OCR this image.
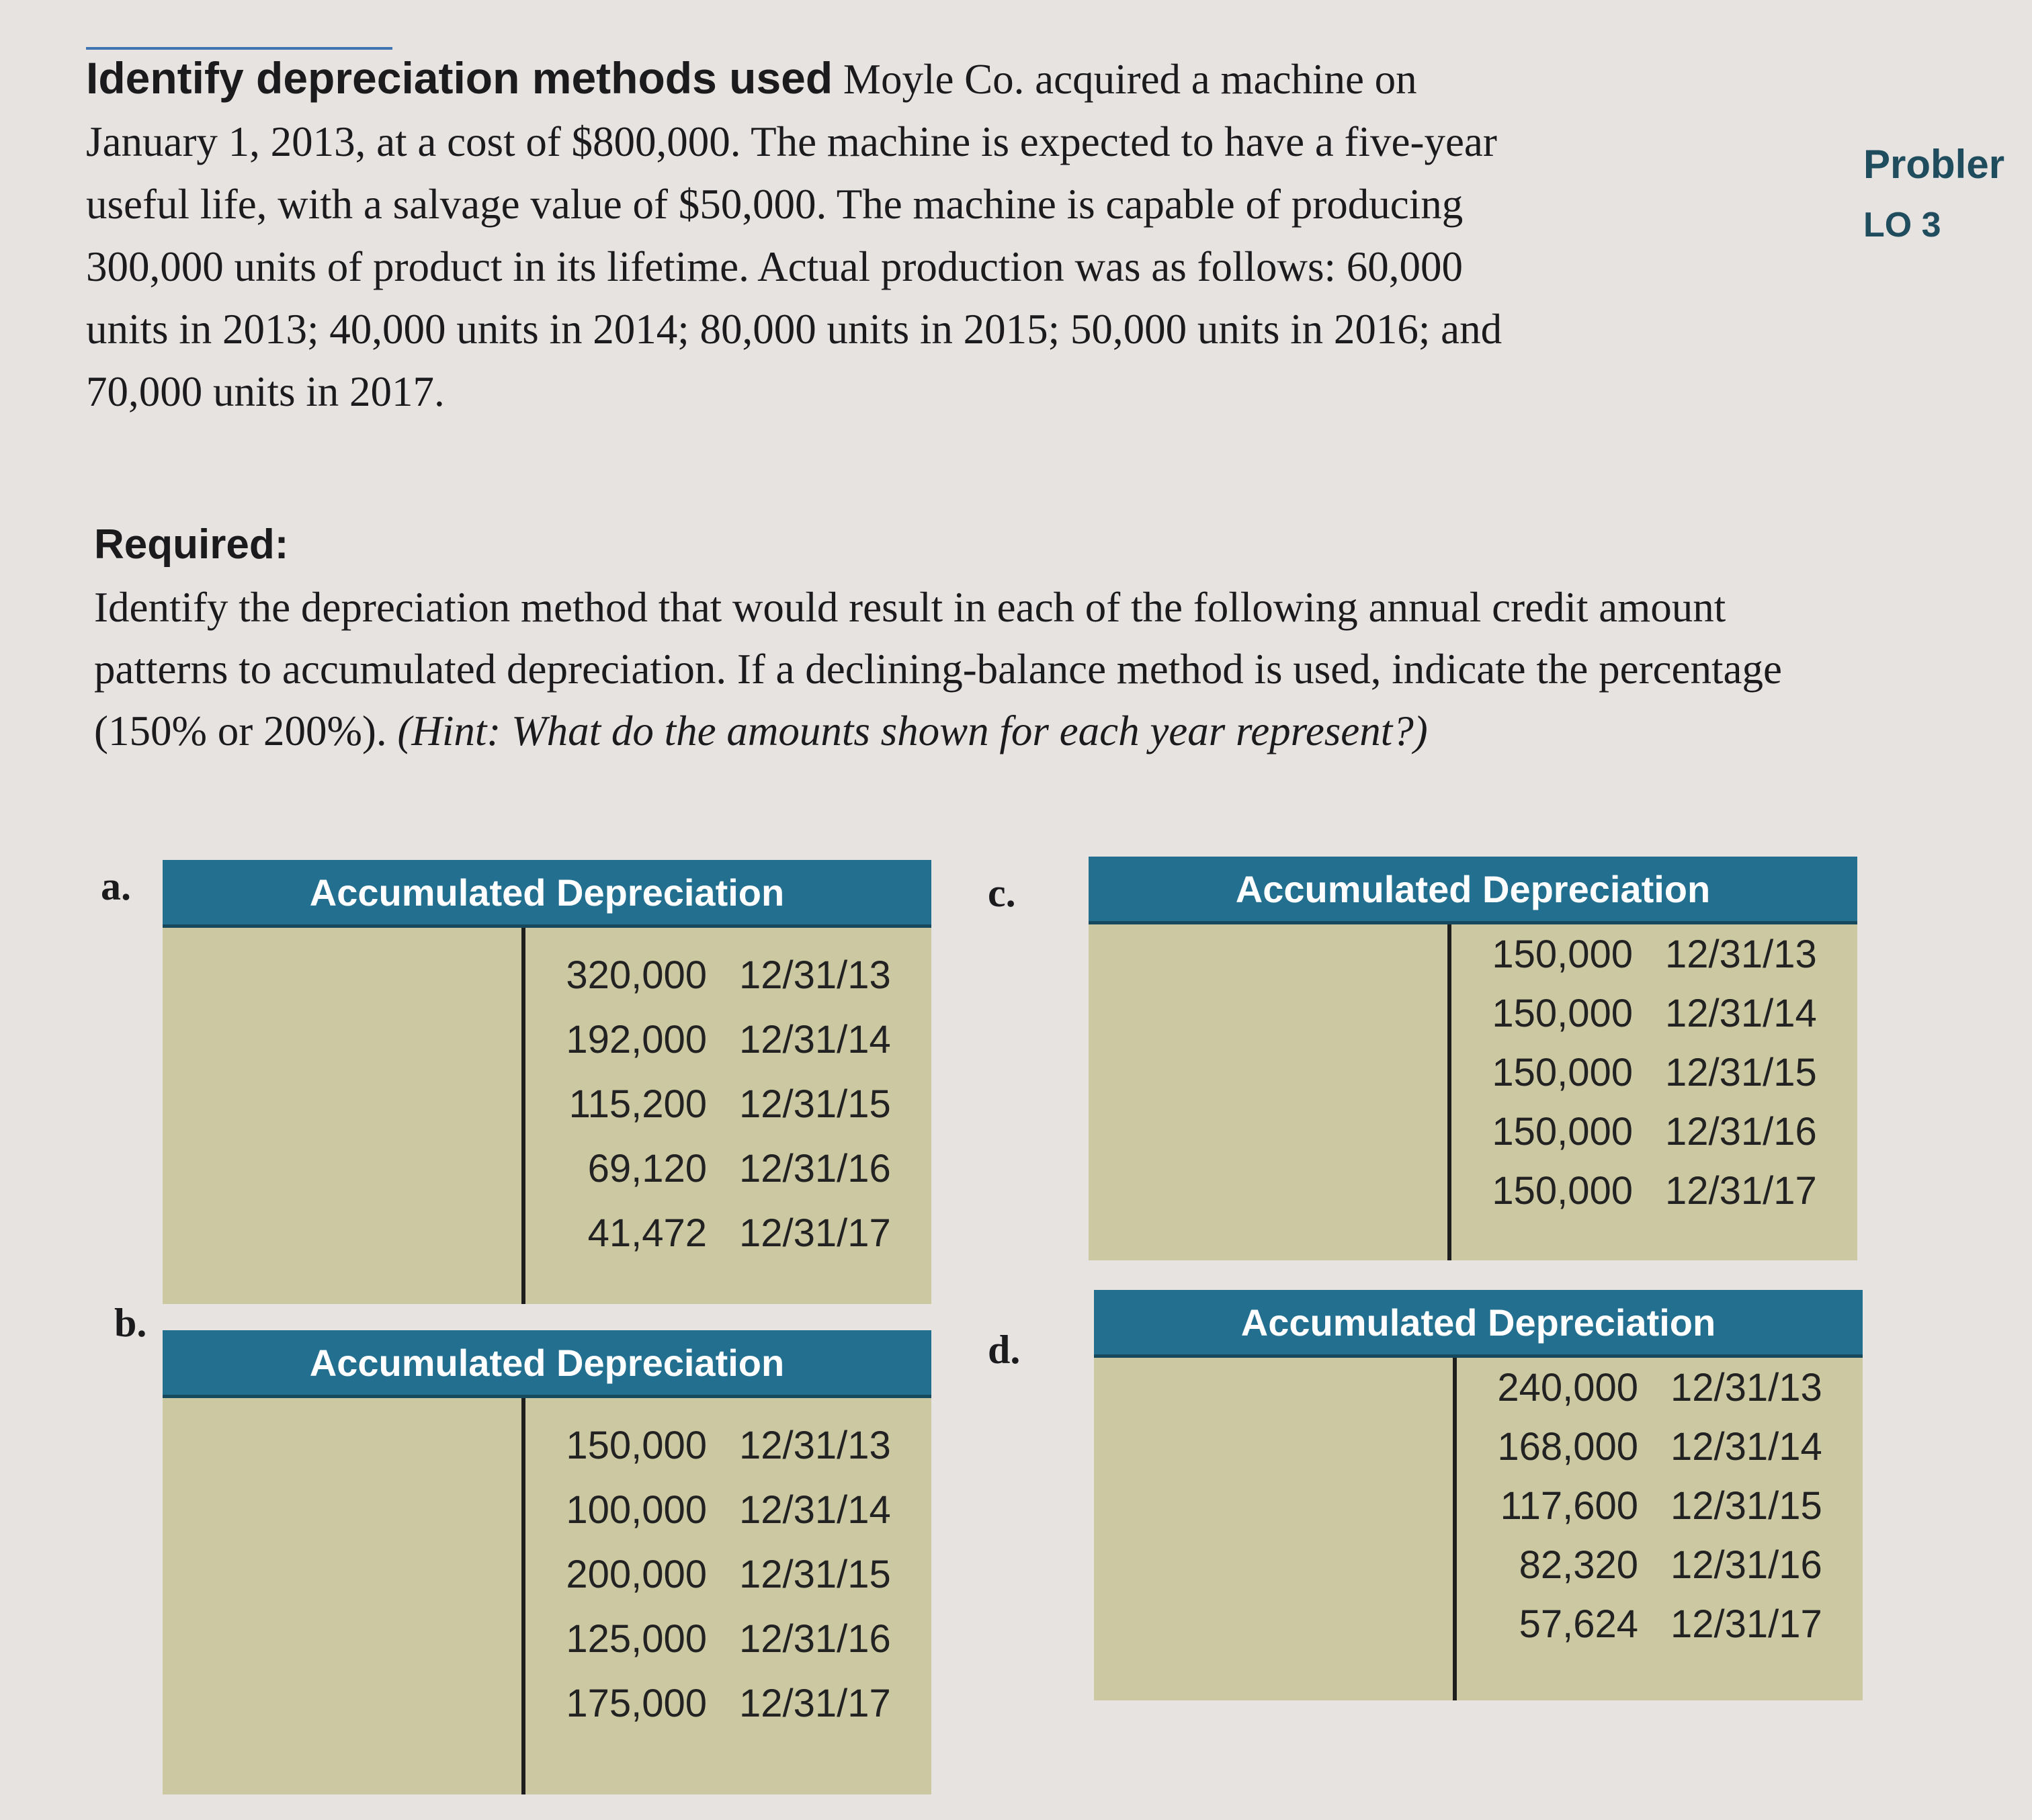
Identify depreciation methods used Moyle Co. acquired a machine on
January 1, 2013, at a cost of $800,000. The machine is expected to have a five-year
useful life, with a salvage value of $50,000. The machine is capable of producing
300,000 units of product in its lifetime. Actual production was as follows: 60,000
units in 2013; 40,000 units in 2014; 80,000 units in 2015; 50,000 units in 2016; and
70,000 units in 2017.

Probler
LO 3
Required:

Identify the depreciation method that would result in each of the following annual credit amount patterns to accumulated depreciation. If a declining-balance method is used, indicate the percentage (150% or 200%). (Hint: What do the amounts shown for each year represent?)

a.	Accumulated Depreciation
320,000 12/31/13
192,000 12/31/14
115,200 12/31/15
69,120 12/31/16
41,472 12/31/17
b.
Accumulated Depreciation
150,000 12/31/13
100,000 12/31/14
200,000 12/31/15
125,000 12/31/16
175,000 12/31/17
c.	Accumulated Depreciation
150,000 12/31/13
150,000 12/31/14
150,000 12/31/15
150,000 12/31/16
150,000 12/31/17
d.
Accumulated Depreciation
240,000 12/31/13
168,000 12/31/14
117,600 12/31/15
82,320 12/31/16
57,624 12/31/17
